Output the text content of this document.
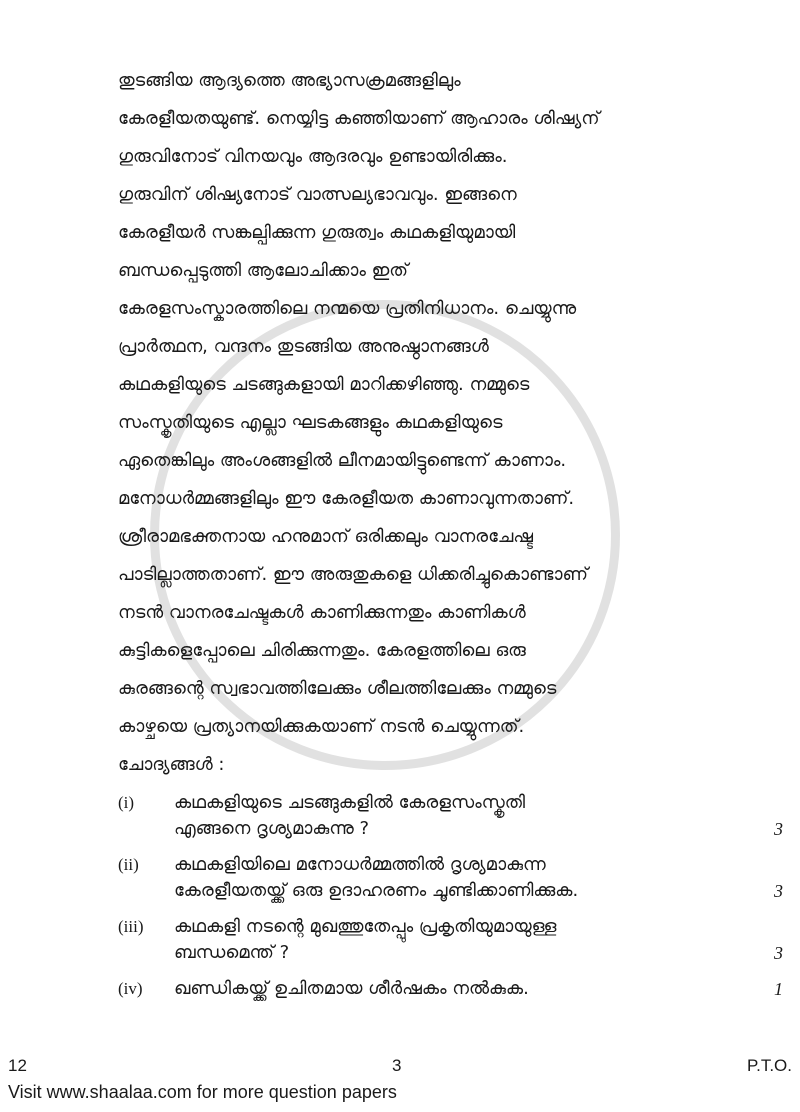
തുടങ്ങിയ ആദ്യത്തെ അഭ്യാസക്രമങ്ങളിലും
കേരളീയതയുണ്ട്. നെയ്യിട്ട കഞ്ഞിയാണ് ആഹാരം ശിഷ്യന്
ഗുരുവിനോട് വിനയവും ആദരവും ഉണ്ടായിരിക്കും.
ഗുരുവിന് ശിഷ്യനോട് വാത്സല്യഭാവവും. ഇങ്ങനെ
കേരളീയർ സങ്കല്പിക്കുന്ന ഗുരുത്വം കഥകളിയുമായി
ബന്ധപ്പെടുത്തി ആലോചിക്കാം ഇത്
കേരളസംസ്കാരത്തിലെ നന്മയെ പ്രതിനിധാനം. ചെയ്യുന്നു
പ്രാർത്ഥന, വന്ദനം തുടങ്ങിയ അനുഷ്ഠാനങ്ങൾ
കഥകളിയുടെ ചടങ്ങുകളായി മാറിക്കഴിഞ്ഞു. നമ്മുടെ
സംസ്കൃതിയുടെ എല്ലാ ഘടകങ്ങളും കഥകളിയുടെ
ഏതെങ്കിലും അംശങ്ങളിൽ ലീനമായിട്ടുണ്ടെന്ന് കാണാം.
മനോധർമ്മങ്ങളിലും ഈ കേരളീയത കാണാവുന്നതാണ്.
ശ്രീരാമഭക്തനായ ഹനുമാന് ഒരിക്കലും വാനരചേഷ്ട
പാടില്ലാത്തതാണ്. ഈ അരുതുകളെ ധിക്കരിച്ചുകൊണ്ടാണ്
നടൻ വാനരചേഷ്ടകൾ കാണിക്കുന്നതും കാണികൾ
കുട്ടികളെപ്പോലെ ചിരിക്കുന്നതും. കേരളത്തിലെ ഒരു
കുരങ്ങന്റെ സ്വഭാവത്തിലേക്കും ശീലത്തിലേക്കും നമ്മുടെ
കാഴ്ചയെ പ്രത്യാനയിക്കുകയാണ് നടൻ ചെയ്യുന്നത്.
ചോദ്യങ്ങൾ :
(i)	കഥകളിയുടെ ചടങ്ങുകളിൽ കേരളസംസ്കൃതി
എങ്ങനെ ദൃശ്യമാകുന്നു ?	3
(ii)	കഥകളിയിലെ മനോധർമ്മത്തിൽ ദൃശ്യമാകുന്ന
കേരളീയതയ്ക്ക് ഒരു ഉദാഹരണം ചൂണ്ടിക്കാണിക്കുക.	3
(iii)	കഥകളി നടന്റെ മുഖത്തുതേപ്പും പ്രകൃതിയുമായുള്ള
ബന്ധമെന്ത് ?	3
(iv)	ഖണ്ഡികയ്ക്ക് ഉചിതമായ ശീർഷകം നൽകുക.	1
12	3	P.T.O.
Visit www.shaalaa.com for more question papers
